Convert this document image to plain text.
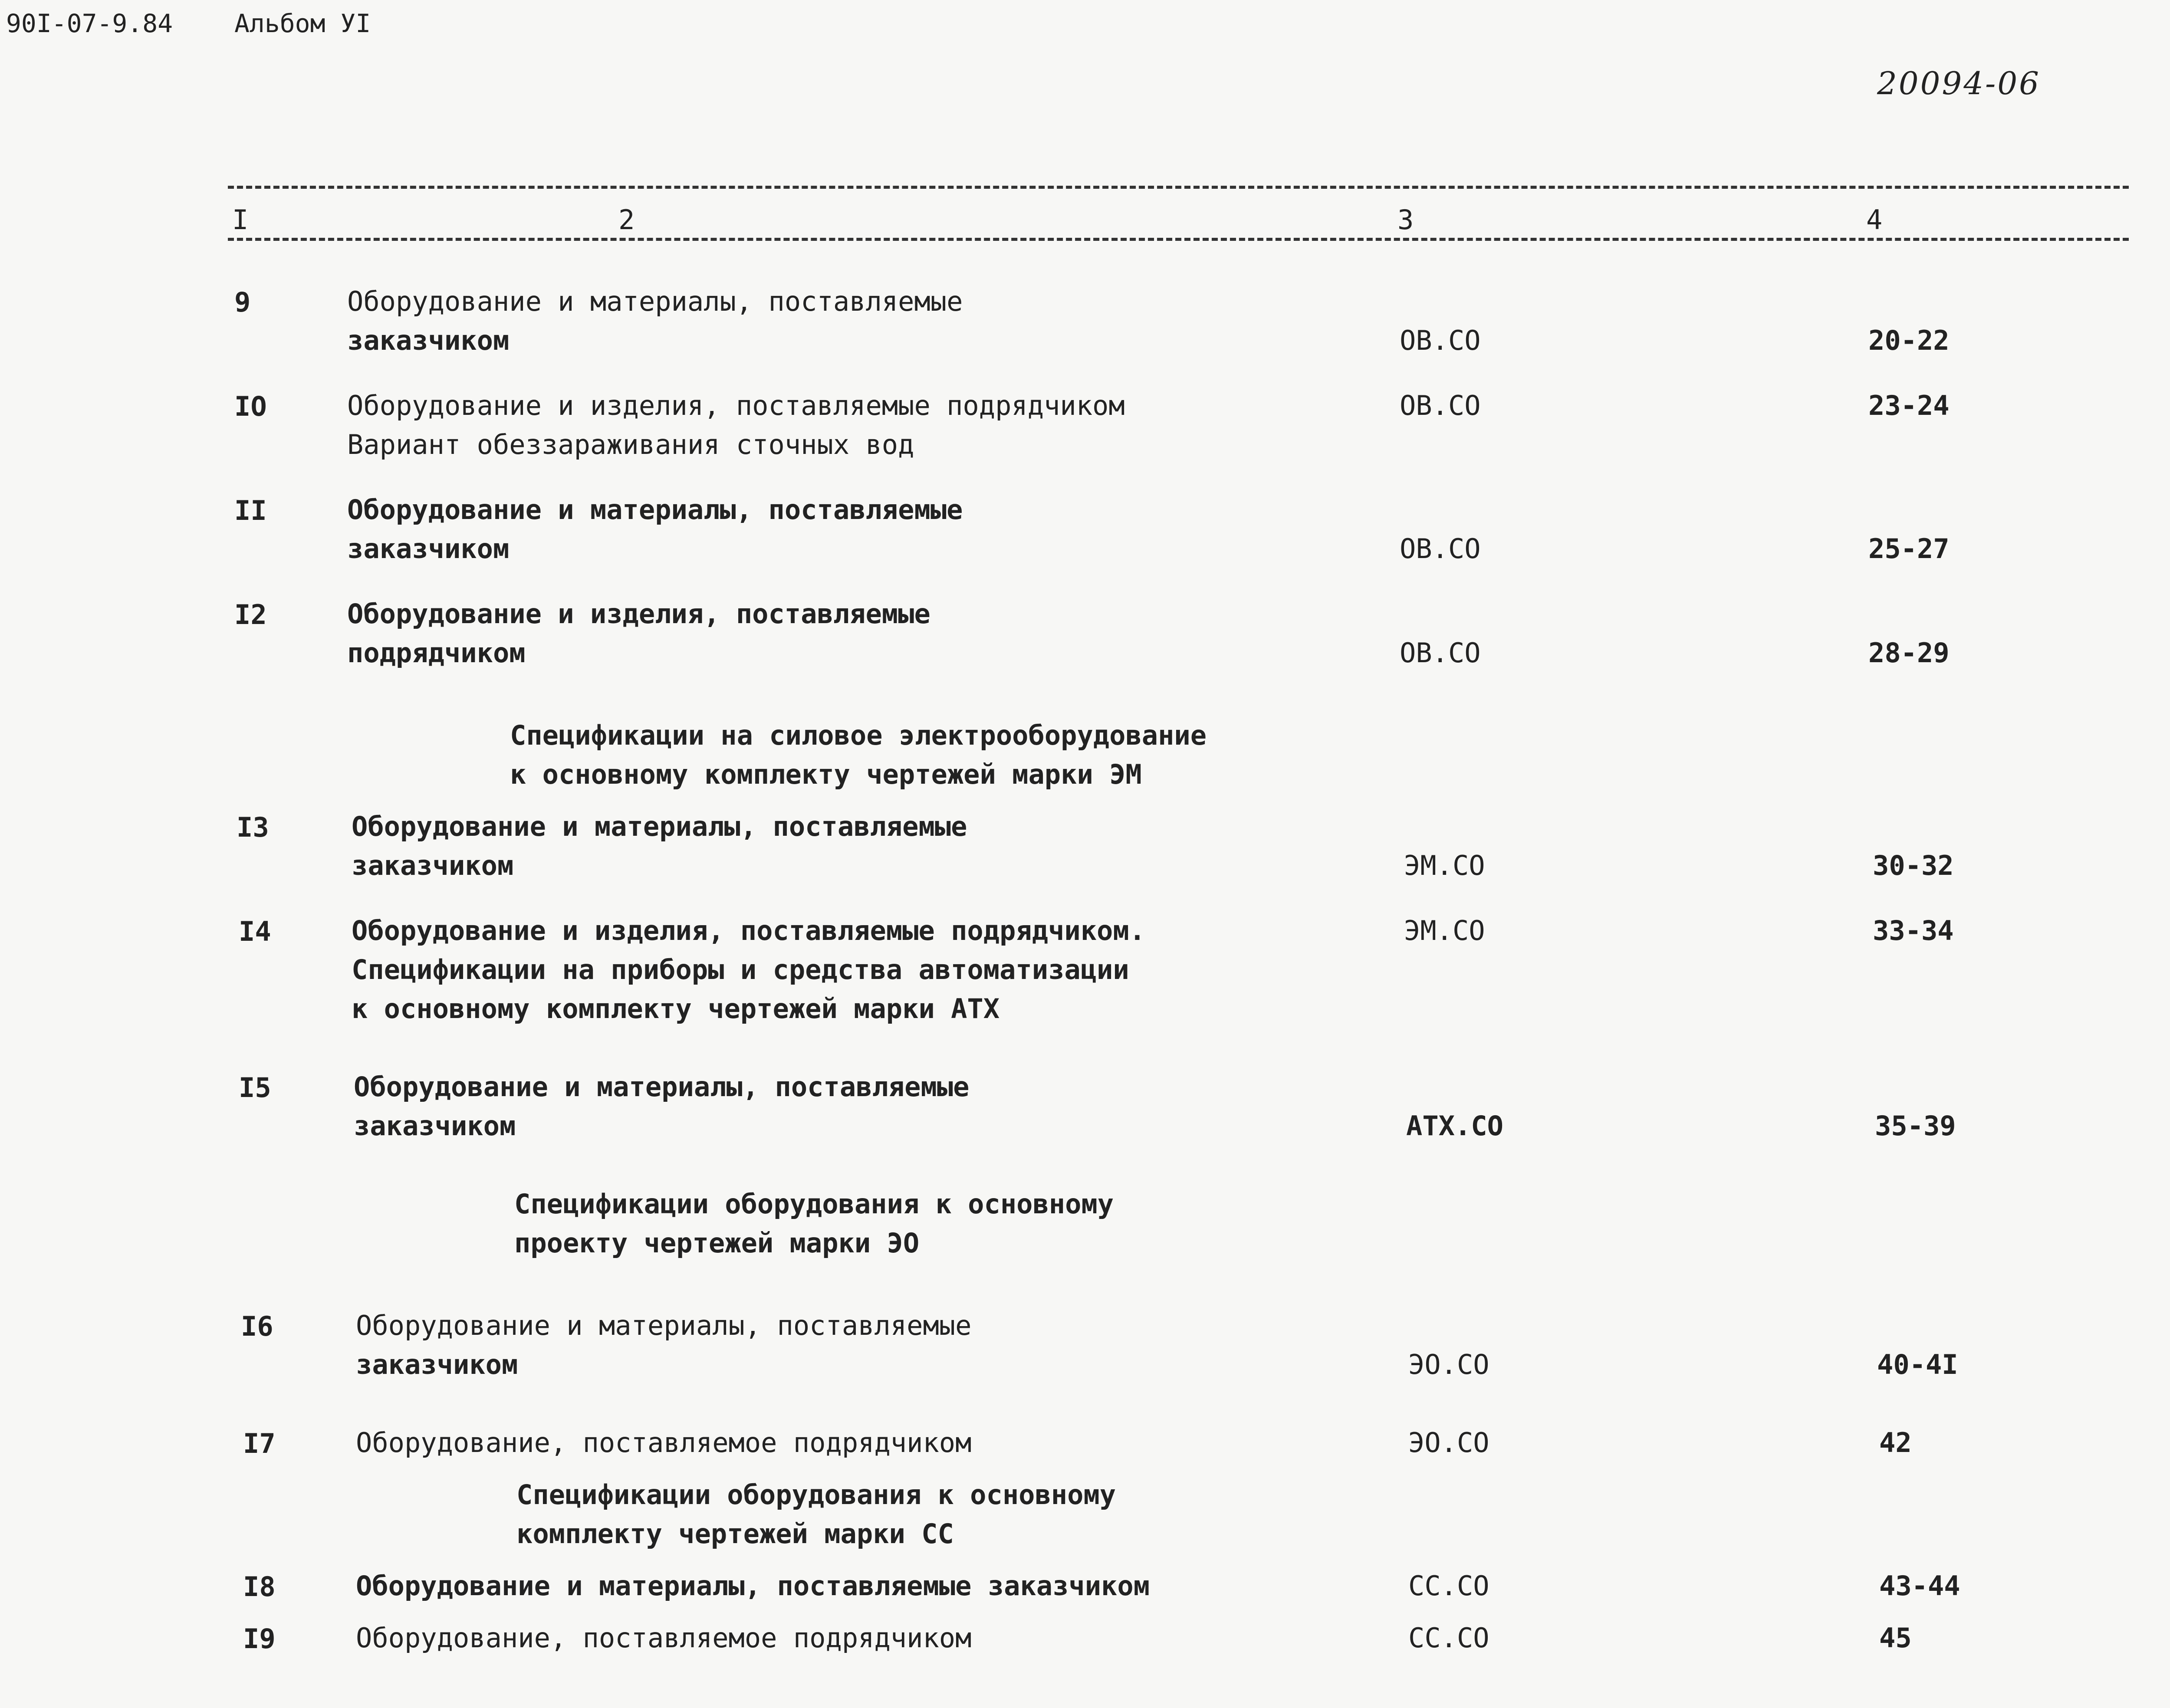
90I-07-9.84 Альбом УI
20094-06
I	2	3	4
9	Оборудование и материалы, поставляемые
заказчиком	ОВ.СО	20-22
IO	Оборудование и изделия, поставляемые подрядчиком
Вариант обеззараживания сточных вод
ОВ.СО	23-24
II	Оборудование и материалы, поставляемые
заказчиком	ОВ.СО	25-27
I2	Оборудование и изделия, поставляемые
подрядчиком	ОВ.СО	28-29
Спецификации на силовое электрооборудование
к основному комплекту чертежей марки ЭМ
I3	Оборудование и материалы, поставляемые
заказчиком	ЭМ.СО	30-32
I4	Оборудование и изделия, поставляемые подрядчиком.
Спецификации на приборы и средства автоматизации
к основному комплекту чертежей марки АТХ
ЭМ.СО	33-34
I5	Оборудование и материалы, поставляемые
заказчиком	АТХ.СО	35-39
Спецификации оборудования к основному
проекту чертежей марки ЭО
I6	Оборудование и материалы, поставляемые
заказчиком	ЭО.СО	40-4I
I7	Оборудование, поставляемое подрядчиком	ЭО.СО	42
Спецификации оборудования к основному
комплекту чертежей марки СС
I8	Оборудование и материалы, поставляемые заказчиком	СС.СО	43-44
I9	Оборудование, поставляемое подрядчиком	СС.СО	45
